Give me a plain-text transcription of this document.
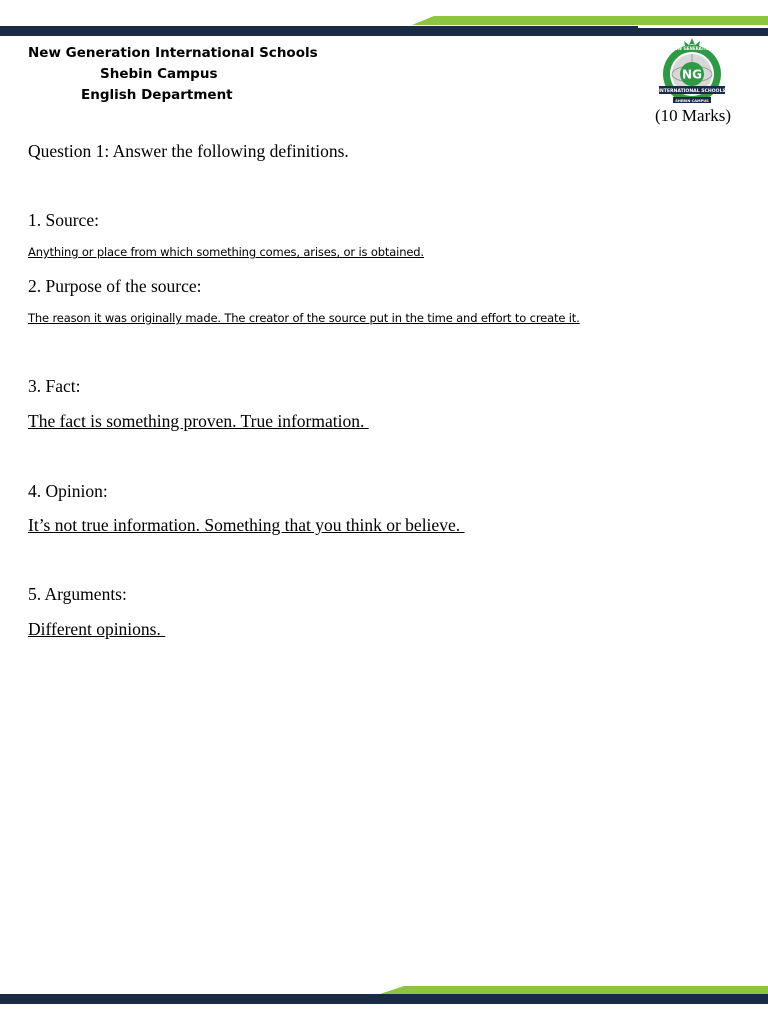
New Generation International Schools
Shebin Campus
English Department
NG
NEW GENERATION
INTERNATIONAL SCHOOLS
SHEBIN CAMPUS
(10 Marks)
Question 1: Answer the following definitions.
1. Source:
Anything or place from which something comes, arises, or is obtained.
2. Purpose of the source:
The reason it was originally made. The creator of the source put in the time and effort to create it.
3. Fact:
The fact is something proven. True information.
4. Opinion:
It’s not true information. Something that you think or believe.
5. Arguments:
Different opinions.
